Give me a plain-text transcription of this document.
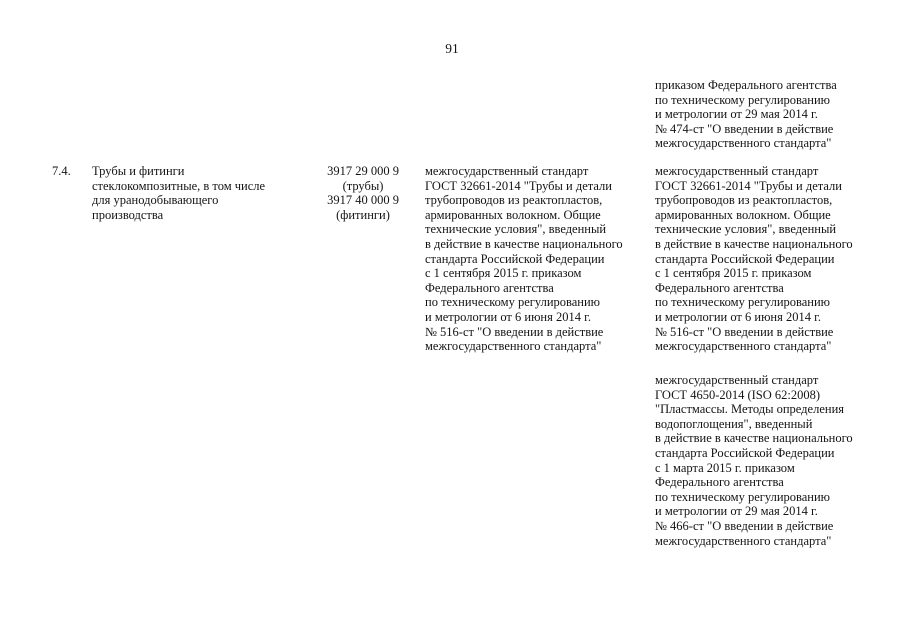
91
приказом Федерального агентства
по техническому регулированию
и метрологии от 29 мая 2014 г.
№ 474-ст "О введении в действие
межгосударственного стандарта"
7.4. Трубы и фитинги
стеклокомпозитные, в том числе
для уранодобывающего
производства
3917 29 000 9
(трубы)
3917 40 000 9
(фитинги)
межгосударственный стандарт
ГОСТ 32661-2014 "Трубы и детали
трубопроводов из реактопластов,
армированных волокном. Общие
технические условия", введенный
в действие в качестве национального
стандарта Российской Федерации
с 1 сентября 2015 г. приказом
Федерального агентства
по техническому регулированию
и метрологии от 6 июня 2014 г.
№ 516-ст "О введении в действие
межгосударственного стандарта"
межгосударственный стандарт
ГОСТ 32661-2014 "Трубы и детали
трубопроводов из реактопластов,
армированных волокном. Общие
технические условия", введенный
в действие в качестве национального
стандарта Российской Федерации
с 1 сентября 2015 г. приказом
Федерального агентства
по техническому регулированию
и метрологии от 6 июня 2014 г.
№ 516-ст "О введении в действие
межгосударственного стандарта"
межгосударственный стандарт
ГОСТ 4650-2014 (ISO 62:2008)
"Пластмассы. Методы определения
водопоглощения", введенный
в действие в качестве национального
стандарта Российской Федерации
с 1 марта 2015 г. приказом
Федерального агентства
по техническому регулированию
и метрологии от 29 мая 2014 г.
№ 466-ст "О введении в действие
межгосударственного стандарта"
